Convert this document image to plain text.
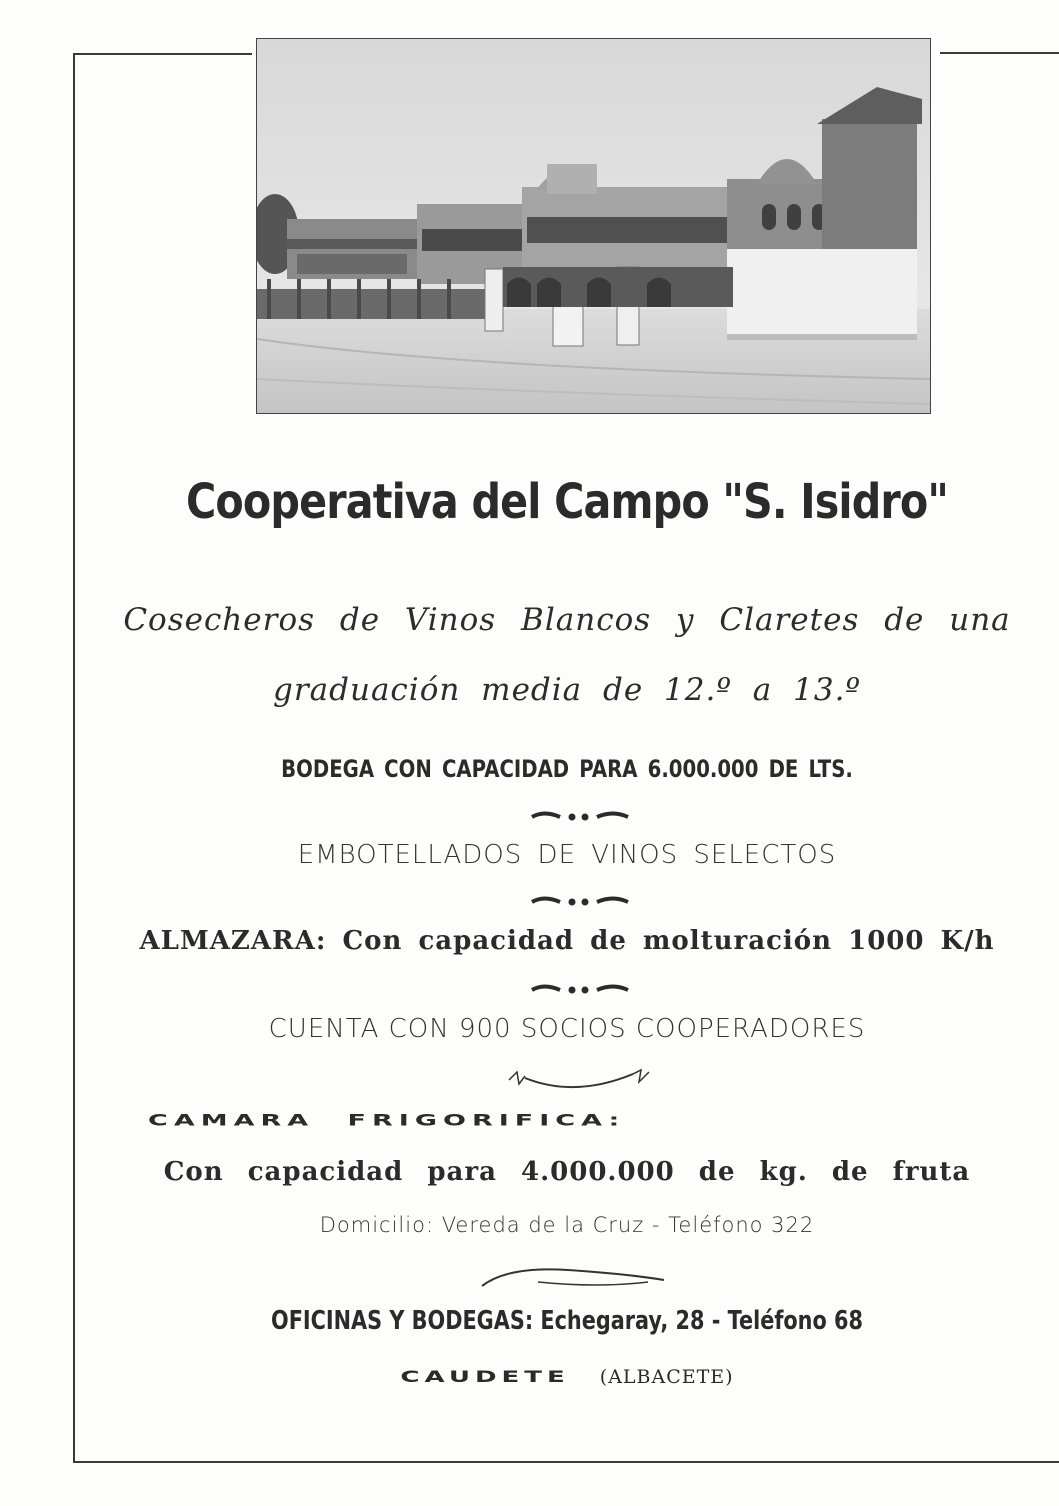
Cooperativa del Campo "S. Isidro"
Cosecheros de Vinos Blancos y Claretes de una
graduación media de 12.º a 13.º
BODEGA CON CAPACIDAD PARA 6.000.000 DE LTS.
EMBOTELLADOS DE VINOS SELECTOS
ALMAZARA: Con capacidad de molturación 1000 K/h
CUENTA CON 900 SOCIOS COOPERADORES
CAMARA FRIGORIFICA:
Con capacidad para 4.000.000 de kg. de fruta
Domicilio: Vereda de la Cruz - Teléfono 322
OFICINAS Y BODEGAS: Echegaray, 28 - Teléfono 68
CAUDETE (ALBACETE)
